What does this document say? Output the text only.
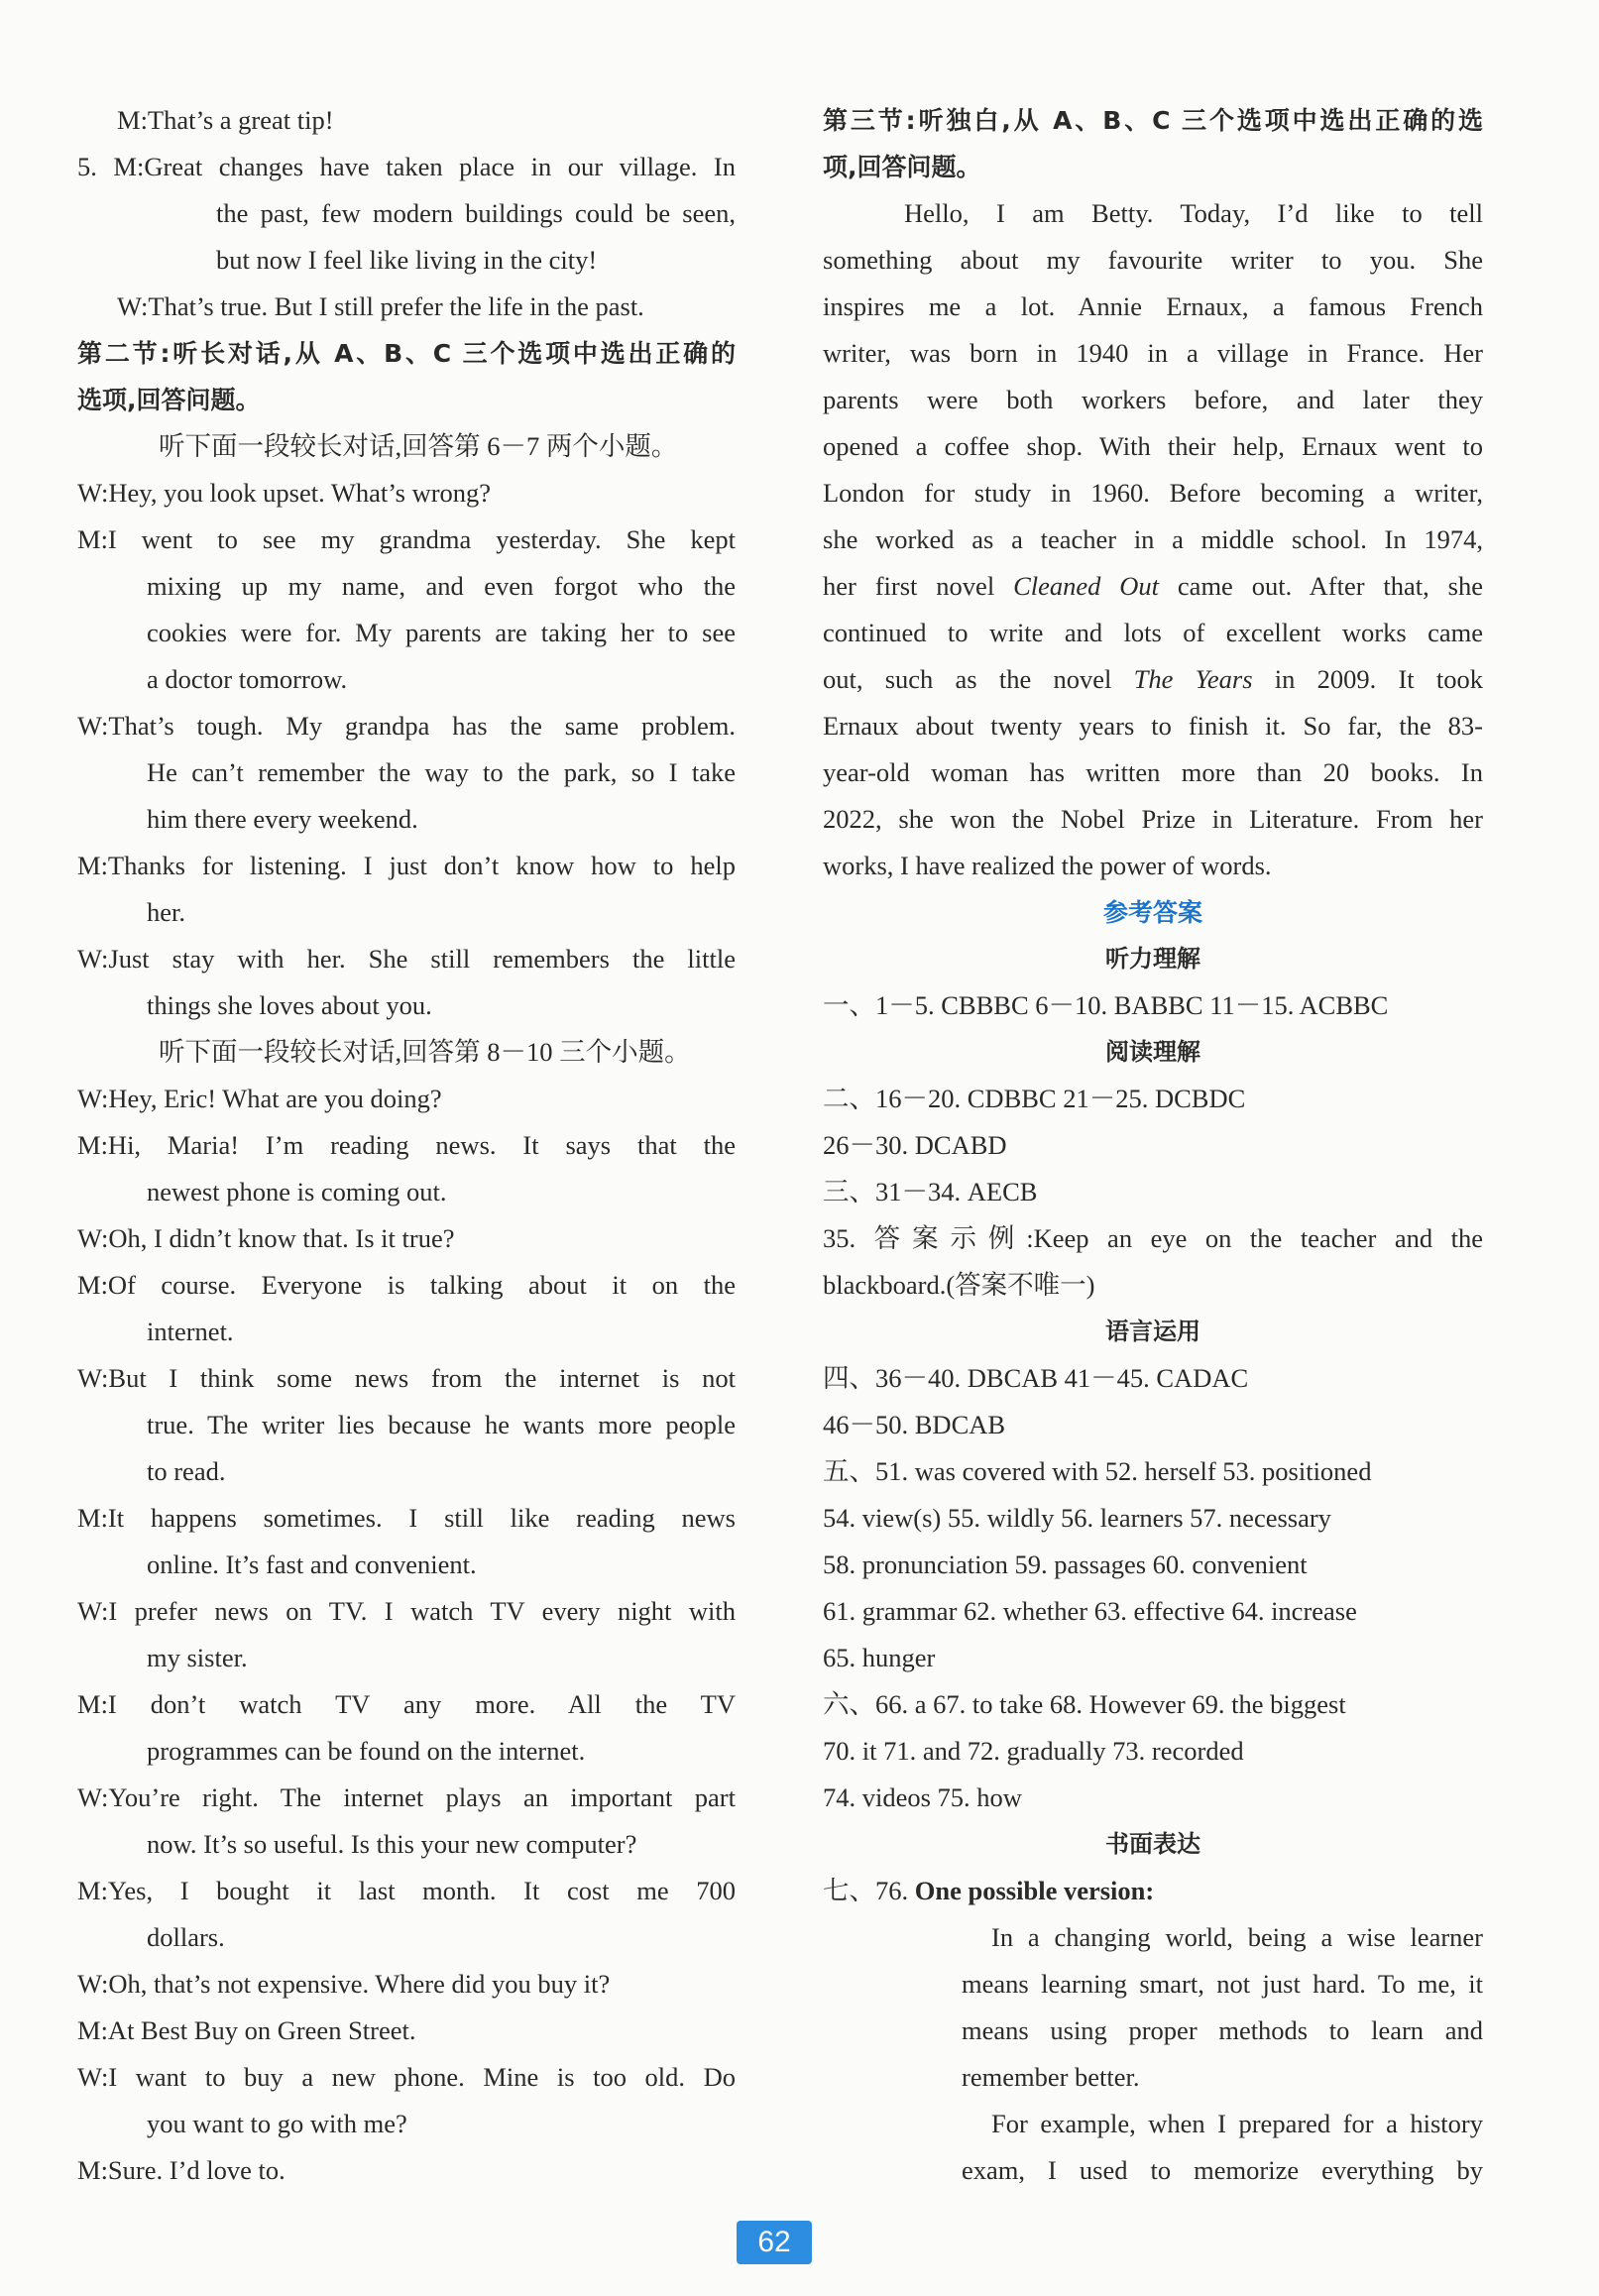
M:That’s a great tip!
5. M:Great changes have taken place in our village. In
the past, few modern buildings could be seen,
but now I feel like living in the city!
W:That’s true. But I still prefer the life in the past.
第二节:听长对话,从 A、B、C 三个选项中选出正确的
选项,回答问题。
听下面一段较长对话,回答第 6－7 两个小题。
W:Hey, you look upset. What’s wrong?
M:I went to see my grandma yesterday. She kept
mixing up my name, and even forgot who the
cookies were for. My parents are taking her to see
a doctor tomorrow.
W:That’s tough. My grandpa has the same problem.
He can’t remember the way to the park, so I take
him there every weekend.
M:Thanks for listening. I just don’t know how to help
her.
W:Just stay with her. She still remembers the little
things she loves about you.
听下面一段较长对话,回答第 8－10 三个小题。
W:Hey, Eric! What are you doing?
M:Hi, Maria! I’m reading news. It says that the
newest phone is coming out.
W:Oh, I didn’t know that. Is it true?
M:Of course. Everyone is talking about it on the
internet.
W:But I think some news from the internet is not
true. The writer lies because he wants more people
to read.
M:It happens sometimes. I still like reading news
online. It’s fast and convenient.
W:I prefer news on TV. I watch TV every night with
my sister.
M:I don’t watch TV any more. All the TV
programmes can be found on the internet.
W:You’re right. The internet plays an important part
now. It’s so useful. Is this your new computer?
M:Yes, I bought it last month. It cost me 700
dollars.
W:Oh, that’s not expensive. Where did you buy it?
M:At Best Buy on Green Street.
W:I want to buy a new phone. Mine is too old. Do
you want to go with me?
M:Sure. I’d love to.
第三节:听独白,从 A、B、C 三个选项中选出正确的选
项,回答问题。
Hello, I am Betty. Today, I’d like to tell
something about my favourite writer to you. She
inspires me a lot. Annie Ernaux, a famous French
writer, was born in 1940 in a village in France. Her
parents were both workers before, and later they
opened a coffee shop. With their help, Ernaux went to
London for study in 1960. Before becoming a writer,
she worked as a teacher in a middle school. In 1974,
her first novel Cleaned Out came out. After that, she
continued to write and lots of excellent works came
out, such as the novel The Years in 2009. It took
Ernaux about twenty years to finish it. So far, the 83-
year-old woman has written more than 20 books. In
2022, she won the Nobel Prize in Literature. From her
works, I have realized the power of words.
参考答案
听力理解
一、1－5. CBBBC 6－10. BABBC 11－15. ACBBC
阅读理解
二、16－20. CDBBC 21－25. DCBDC
26－30. DCABD
三、31－34. AECB
35. 答案示例:Keep an eye on the teacher and the
blackboard.(答案不唯一)
语言运用
四、36－40. DBCAB 41－45. CADAC
46－50. BDCAB
五、51. was covered with 52. herself 53. positioned
54. view(s) 55. wildly 56. learners 57. necessary
58. pronunciation 59. passages 60. convenient
61. grammar 62. whether 63. effective 64. increase
65. hunger
六、66. a 67. to take 68. However 69. the biggest
70. it 71. and 72. gradually 73. recorded
74. videos 75. how
书面表达
七、76. One possible version:
In a changing world, being a wise learner
means learning smart, not just hard. To me, it
means using proper methods to learn and
remember better.
For example, when I prepared for a history
exam, I used to memorize everything by
62
